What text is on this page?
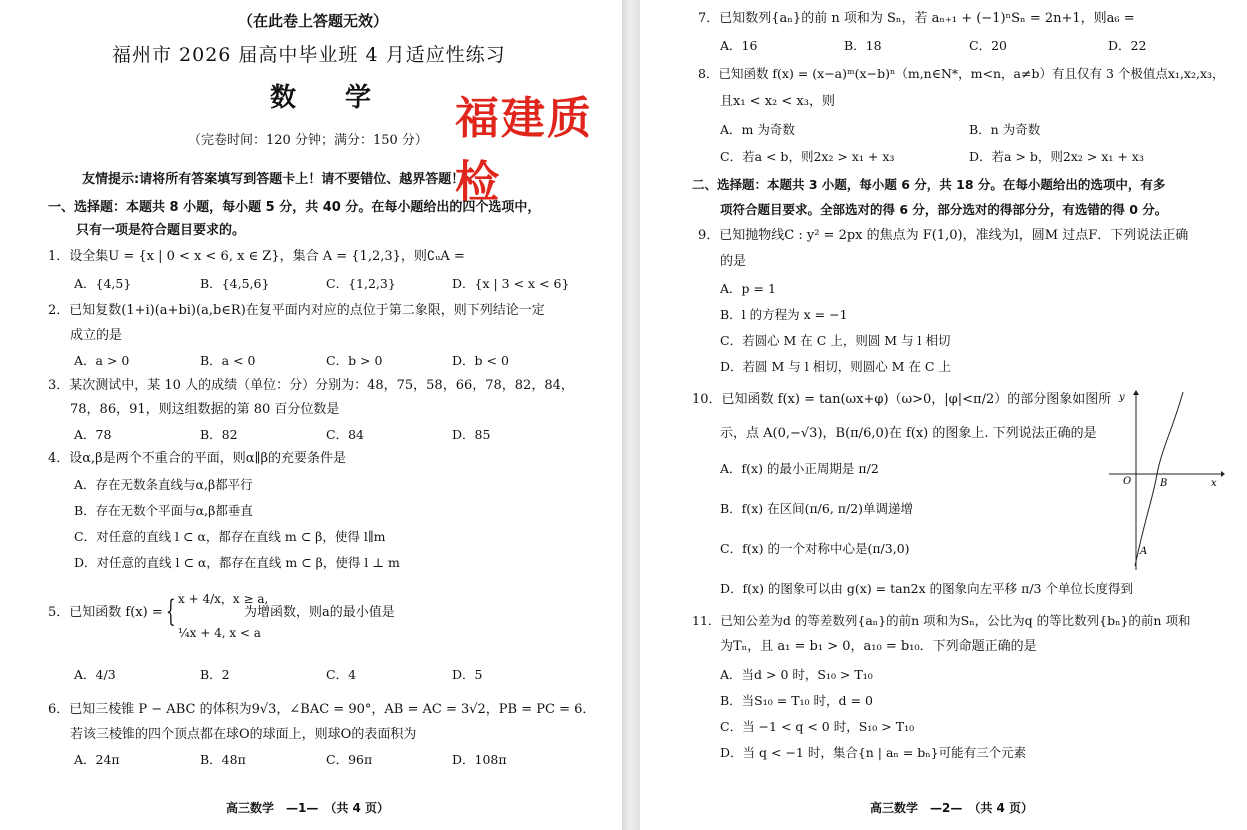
（在此卷上答题无效）
福州市 2026 届高中毕业班 4 月适应性练习
数 学 福建质检
（完卷时间：120 分钟；满分：150 分）
友情提示:请将所有答案填写到答题卡上！请不要错位、越界答题！
一、选择题：本题共 8 小题，每小题 5 分，共 40 分。在每小题给出的四个选项中，
只有一项是符合题目要求的。
1．设全集U = {x | 0 < x < 6, x ∈ Z}，集合 A = {1,2,3}，则∁ᵤA =
A．{4,5}	B．{4,5,6}	C．{1,2,3}	D．{x | 3 < x < 6}
2．已知复数(1+i)(a+bi)(a,b∈R)在复平面内对应的点位于第二象限，则下列结论一定
成立的是
A．a > 0	B．a < 0	C．b > 0	D．b < 0
3．某次测试中，某 10 人的成绩（单位：分）分别为：48，75，58，66，78，82，84，
78，86，91，则这组数据的第 80 百分位数是
A．78	B．82	C．84	D．85
4．设α,β是两个不重合的平面，则α∥β的充要条件是
A．存在无数条直线与α,β都平行
B．存在无数个平面与α,β都垂直
C．对任意的直线 l ⊂ α，都存在直线 m ⊂ β，使得 l∥m
D．对任意的直线 l ⊂ α，都存在直线 m ⊂ β，使得 l ⊥ m
5．已知函数 f(x) = { x + 4/x，x ≥ a,
¼x + 4, x < a
为增函数，则a的最小值是
A．4/3	B．2	C．4	D．5
6．已知三棱锥 P − ABC 的体积为9√3，∠BAC = 90°，AB = AC = 3√2，PB = PC = 6．
若该三棱锥的四个顶点都在球O的球面上，则球O的表面积为
A．24π	B．48π	C．96π	D．108π
高三数学　—1—　（共 4 页）
7．已知数列{aₙ}的前 n 项和为 Sₙ，若 aₙ₊₁ + (−1)ⁿSₙ = 2n+1，则a₆ =
A．16	B．18	C．20	D．22
8．已知函数 f(x) = (x−a)ᵐ(x−b)ⁿ（m,n∈N*，m<n，a≠b）有且仅有 3 个极值点x₁,x₂,x₃，
且x₁ < x₂ < x₃，则
A．m 为奇数	B．n 为奇数
C．若a < b，则2x₂ > x₁ + x₃	D．若a > b，则2x₂ > x₁ + x₃
二、选择题：本题共 3 小题，每小题 6 分，共 18 分。在每小题给出的选项中，有多
项符合题目要求。全部选对的得 6 分，部分选对的得部分分，有选错的得 0 分。
9．已知抛物线C : y² = 2px 的焦点为 F(1,0)，准线为l，圆M 过点F．下列说法正确
的是
A．p = 1
B．l 的方程为 x = −1
C．若圆心 M 在 C 上，则圆 M 与 l 相切
D．若圆 M 与 l 相切，则圆心 M 在 C 上
10．已知函数 f(x) = tan(ωx+φ)（ω>0，|φ|<π/2）的部分图象如图所
示，点 A(0,−√3)，B(π/6,0)在 f(x) 的图象上. 下列说法正确的是
A．f(x) 的最小正周期是 π/2
B．f(x) 在区间(π/6, π/2)单调递增
C．f(x) 的一个对称中心是(π/3,0)
D．f(x) 的图象可以由 g(x) = tan2x 的图象向左平移 π/3 个单位长度得到
y
x
O	B
A
11．已知公差为d 的等差数列{aₙ}的前n 项和为Sₙ，公比为q 的等比数列{bₙ}的前n 项和
为Tₙ，且 a₁ = b₁ > 0，a₁₀ = b₁₀．下列命题正确的是
A．当d > 0 时，S₁₀ > T₁₀
B．当S₁₀ = T₁₀ 时，d = 0
C．当 −1 < q < 0 时，S₁₀ > T₁₀
D．当 q < −1 时，集合{n | aₙ = bₙ}可能有三个元素
高三数学　—2—　（共 4 页）
